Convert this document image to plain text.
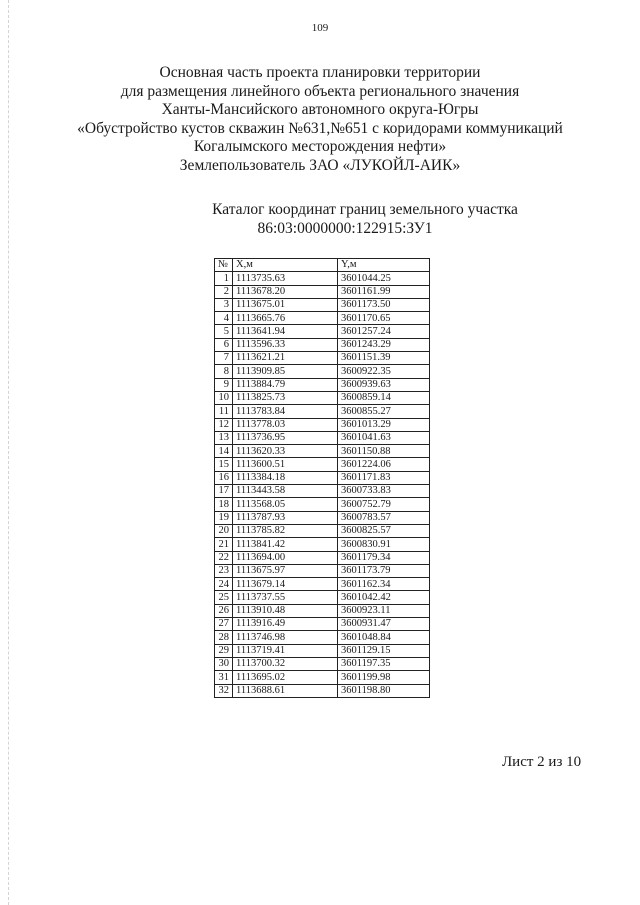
109
Основная часть проекта планировки территории
для размещения линейного объекта регионального значения
Ханты-Мансийского автономного округа-Югры
«Обустройство кустов скважин №631,№651 с коридорами коммуникаций
Когалымского месторождения нефти»
Землепользователь ЗАО «ЛУКОЙЛ-АИК»
Каталог координат границ земельного участка
86:03:0000000:122915:ЗУ1
№	X,м	Y,м
1	1113735.63	3601044.25
2	1113678.20	3601161.99
3	1113675.01	3601173.50
4	1113665.76	3601170.65
5	1113641.94	3601257.24
6	1113596.33	3601243.29
7	1113621.21	3601151.39
8	1113909.85	3600922.35
9	1113884.79	3600939.63
10	1113825.73	3600859.14
11	1113783.84	3600855.27
12	1113778.03	3601013.29
13	1113736.95	3601041.63
14	1113620.33	3601150.88
15	1113600.51	3601224.06
16	1113384.18	3601171.83
17	1113443.58	3600733.83
18	1113568.05	3600752.79
19	1113787.93	3600783.57
20	1113785.82	3600825.57
21	1113841.42	3600830.91
22	1113694.00	3601179.34
23	1113675.97	3601173.79
24	1113679.14	3601162.34
25	1113737.55	3601042.42
26	1113910.48	3600923.11
27	1113916.49	3600931.47
28	1113746.98	3601048.84
29	1113719.41	3601129.15
30	1113700.32	3601197.35
31	1113695.02	3601199.98
32	1113688.61	3601198.80
Лист 2 из 10
